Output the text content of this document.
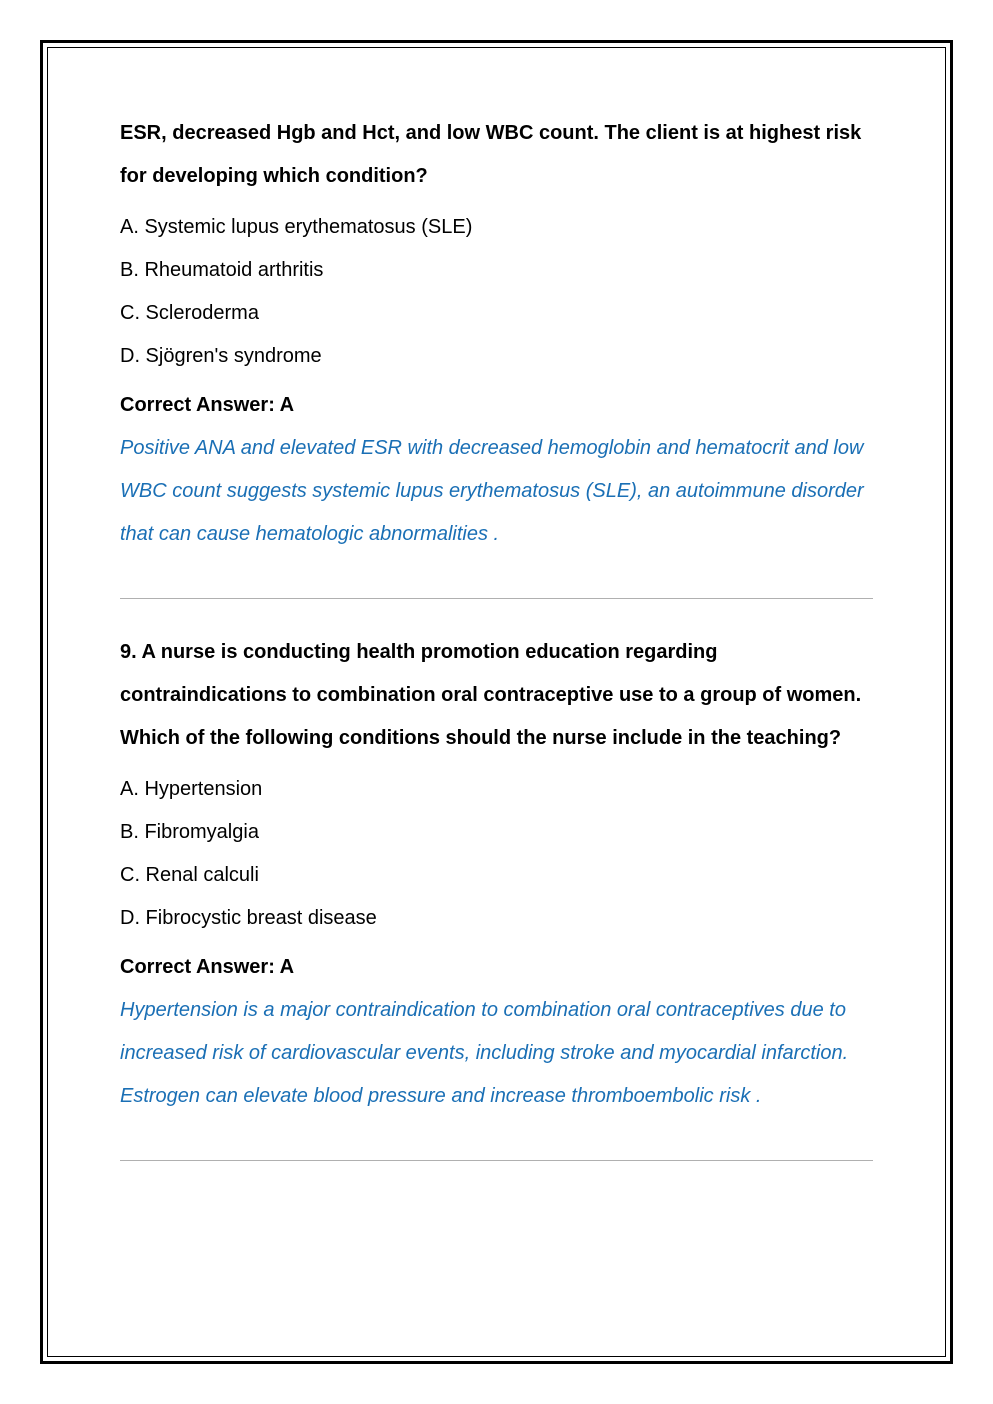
ESR, decreased Hgb and Hct, and low WBC count. The client is at highest risk for developing which condition?

A. Systemic lupus erythematosus (SLE)
B. Rheumatoid arthritis
C. Scleroderma
D. Sjögren's syndrome

Correct Answer: A

Positive ANA and elevated ESR with decreased hemoglobin and hematocrit and low WBC count suggests systemic lupus erythematosus (SLE), an autoimmune disorder that can cause hematologic abnormalities .

9. A nurse is conducting health promotion education regarding contraindications to combination oral contraceptive use to a group of women. Which of the following conditions should the nurse include in the teaching?

A. Hypertension
B. Fibromyalgia
C. Renal calculi
D. Fibrocystic breast disease

Correct Answer: A

Hypertension is a major contraindication to combination oral contraceptives due to increased risk of cardiovascular events, including stroke and myocardial infarction. Estrogen can elevate blood pressure and increase thromboembolic risk .
